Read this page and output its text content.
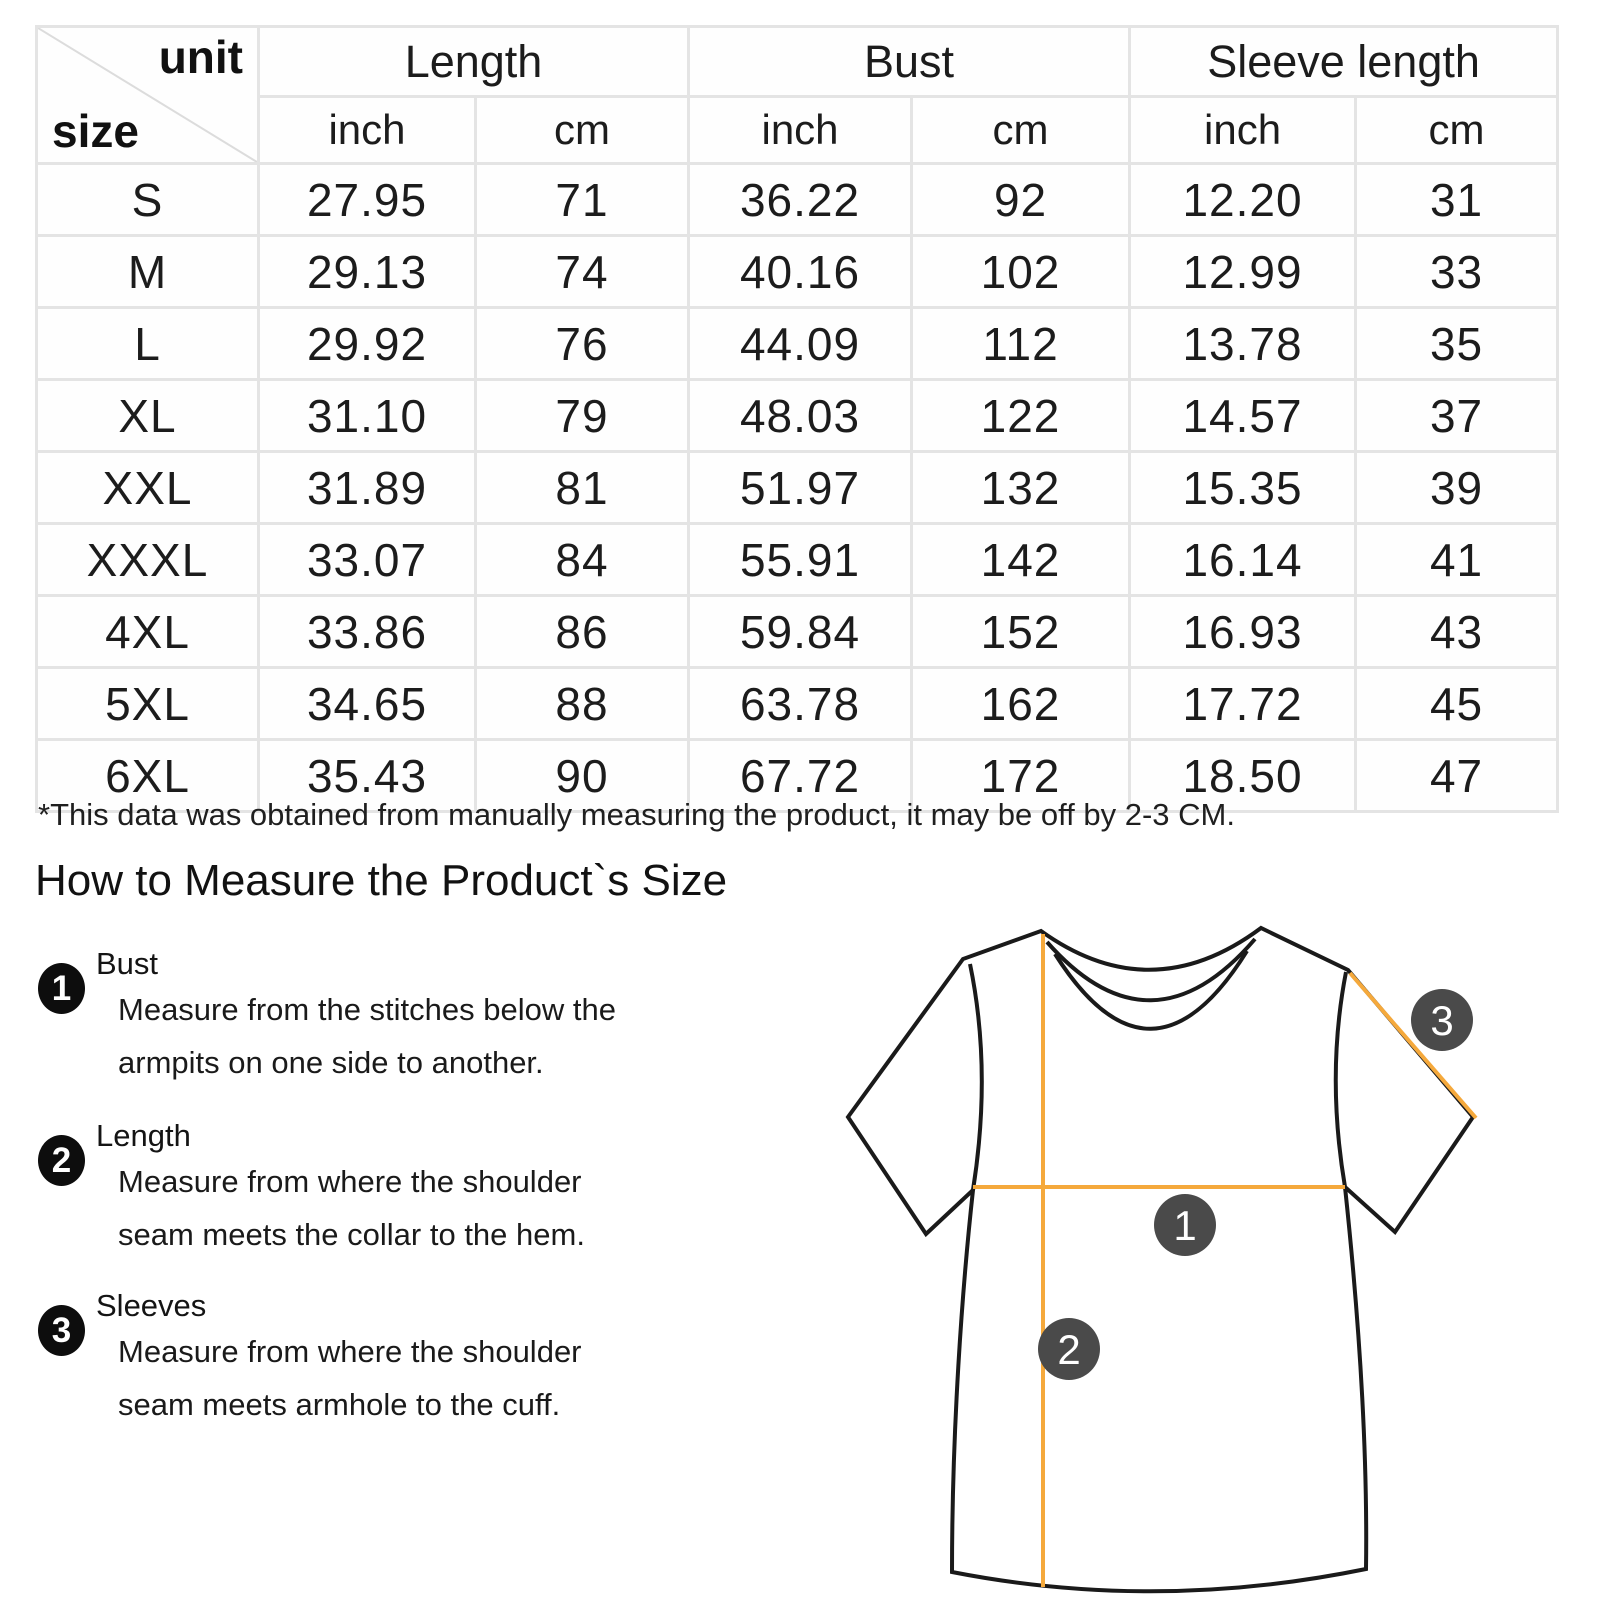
unit
size	Length		Bust		Sleeve length	
	inch	cm	inch	cm	inch	cm
S	27.95	71	36.22	92	12.20	31
M	29.13	74	40.16	102	12.99	33
L	29.92	76	44.09	112	13.78	35
XL	31.10	79	48.03	122	14.57	37
XXL	31.89	81	51.97	132	15.35	39
XXXL	33.07	84	55.91	142	16.14	41
4XL	33.86	86	59.84	152	16.93	43
5XL	34.65	88	63.78	162	17.72	45
6XL	35.43	90	67.72	172	18.50	47
*This data was obtained from manually measuring the product, it may be off by 2-3 CM.
How to Measure the Product`s Size
1
Bust
Measure from the stitches below the
armpits on one side to another.
2
Length
Measure from where the shoulder
seam meets the collar to the hem.
3
Sleeves
Measure from where the shoulder
seam meets armhole to the cuff.
1
2
3
